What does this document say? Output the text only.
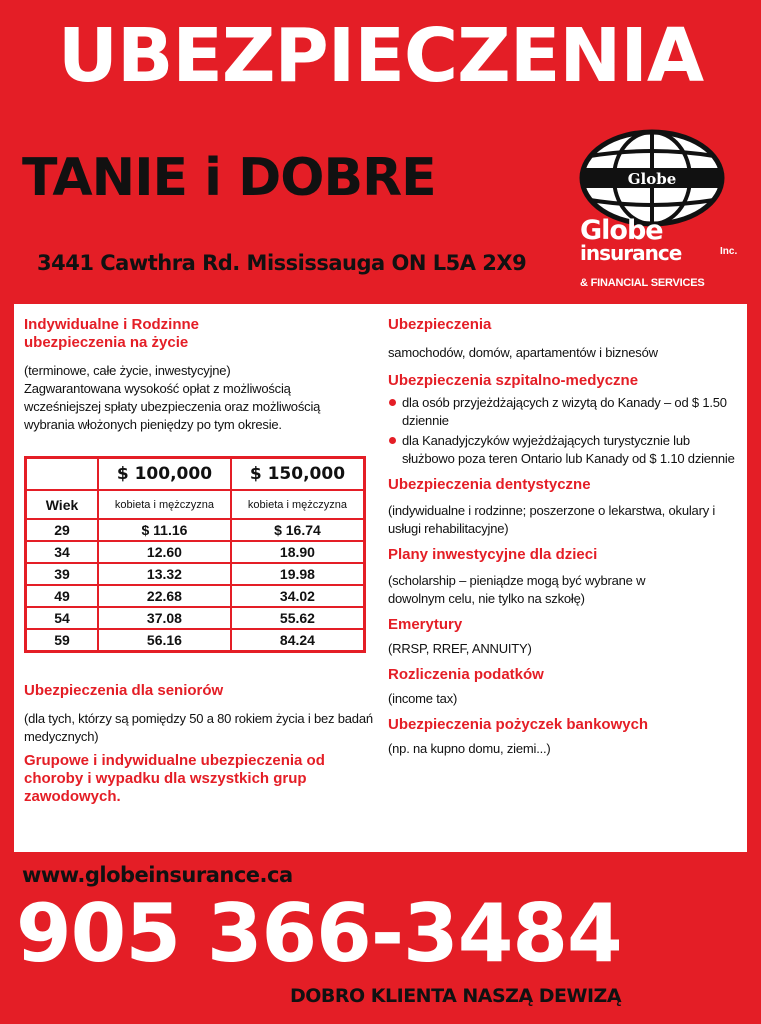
UBEZPIECZENIA
TANIE i DOBRE
3441 Cawthra Rd. Mississauga ON L5A 2X9
Globe
Globe
insurance	Inc.
& FINANCIAL SERVICES

Indywidualne i Rodzinne ubezpieczenia na życie

(terminowe, całe życie, inwestycyjne)

Zagwarantowana wysokość opłat z możliwością wcześniejszej spłaty ubezpieczenia oraz możliwością wybrania włożonych pieniędzy po tym okresie.

	$ 100,000	$ 150,000
Wiek	kobieta i mężczyzna	kobieta i mężczyzna
29	$ 11.16	$ 16.74
34	12.60	18.90
39	13.32	19.98
49	22.68	34.02
54	37.08	55.62
59	56.16	84.24

Ubezpieczenia dla seniorów

(dla tych, którzy są pomiędzy 50 a 80 rokiem życia i bez badań medycznych)

Grupowe i indywidualne ubezpieczenia od choroby i wypadku dla wszystkich grup zawodowych.

Ubezpieczenia

samochodów, domów, apartamentów i biznesów

Ubezpieczenia szpitalno-medyczne

dla osób przyjeżdżających z wizytą do Kanady – od $ 1.50 dziennie
dla Kanadyjczyków wyjeżdżających turystycznie lub służbowo poza teren Ontario lub Kanady od $ 1.10 dziennie

Ubezpieczenia dentystyczne

(indywidualne i rodzinne; poszerzone o lekarstwa, okulary i usługi rehabilitacyjne)

Plany inwestycyjne dla dzieci

(scholarship – pieniądze mogą być wybrane w dowolnym celu, nie tylko na szkołę)

Emerytury

(RRSP, RREF, ANNUITY)

Rozliczenia podatków

(income tax)

Ubezpieczenia pożyczek bankowych

(np. na kupno domu, ziemi...)

www.globeinsurance.ca
905 366-3484
DOBRO KLIENTA NASZĄ DEWIZĄ
